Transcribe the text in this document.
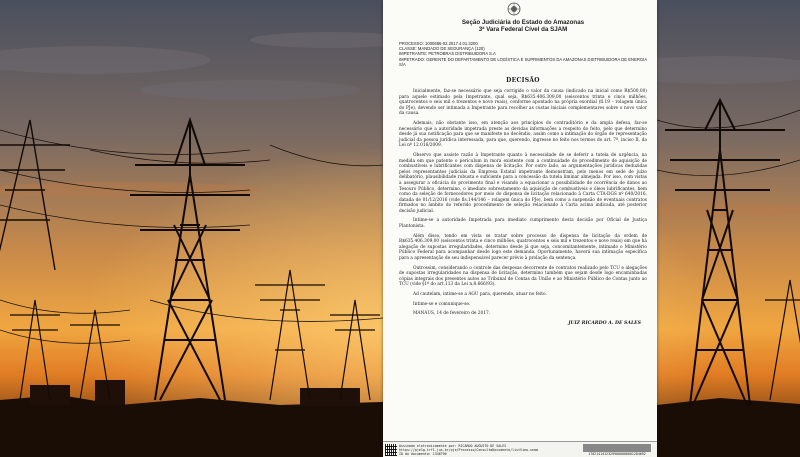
Seção Judiciária do Estado do Amazonas
3ª Vara Federal Cível da SJAM
PROCESSO: 1000686-02.2017.4.01.3200
CLASSE: MANDADO DE SEGURANÇA (120)
IMPETRANTE: PETROBRAS DISTRIBUIDORA S.A
IMPETRADO: GERENTE DO DEPARTAMENTO DE LOGÍSTICA E SUPRIMENTOS DA AMAZONAS DISTRIBUIDORA DE ENERGIA S/A
DECISÃO

Inicialmente, faz-se necessário que seja corrigido o valor da causa (indicado na inicial como R$500,00) para aquele estimado pela Impetrante, qual seja, R$635.406.309,00 (seiscentos trinta e cinco milhões, quatrocentos e seis mil e trezentos e nove reais), conforme apontado na própria exordial (fl.19 – rolagem única do PJe), devendo ser intimada a Impetrante para recolher as custas iniciais complementares sobre o novo valor da causa.

Ademais, não obstante isso, em atenção aos princípios do contraditório e da ampla defesa, faz-se necessário que a autoridade impetrada preste as devidas informações a respeito do feito, pelo que determino desde já sua notificação para que se manifeste no decêndio, assim como a intimação do órgão de representação judicial da pessoa jurídica interessada, para que, querendo, ingresse no feito nos termos do art. 7º, inciso II, da Lei nº 12.016/2009.

Observo que assiste razão à Impetrante quanto à necessidade de se deferir a tutela de urgência, na medida em que patente o periculum in mora existente com a continuidade do procedimento de aquisição de combustíveis e lubrificantes com dispensa de licitação. Por outro lado, as argumentações jurídicas deduzidas pelos representantes judiciais da Empresa Estatal impetrante demonstram, pelo menos em sede de juízo delibatório, plausibilidade robusta e suficiente para a concessão da tutela liminar almejada. Por isso, com vistas a assegurar a eficácia do provimento final e visando a equacionar a possibilidade de ocorrência de danos ao Tesouro Público, determino, o imediato sobrestamento da aquisição de combustíveis e óleos lubrificantes, bem como da seleção de fornecedores por meio do dispensa de licitação relacionado à Carta CTA-DGS nº 640/2016, datada de 01/12/2016 (vide fls.144/146 – rolagem única do PJe), bem como a suspensão de eventuais contratos firmados no âmbito do referido procedimento de seleção relacionado à Carta acima indicada, até posterior decisão judicial.

Intime-se a autoridade Impetrada para imediato cumprimento desta decisão por Oficial de Justiça Plantonista.

Além disso, tendo em vista se tratar sobre processo de dispensa de licitação da ordem de R$635.406.309,00 (seiscentos trinta e cinco milhões, quatrocentos e seis mil e trezentos e nove reais) em que há alegação de supostas irregularidades, determino desde já que seja, concomitantemente, intimado o Ministério Público Federal para acompanhar desde logo este demanda. Oportunamente, haverá sua intimação específica para a apresentação de seu indispensável parecer prévio à prolação da sentença.

Outrossim, considerando o controle das despesas decorrente de contratos realizado pelo TCU e alegações de supostas irregularidades na dispensa de licitação, determino também que sejam desde logo encaminhadas cópias integrais dos presentes autos ao Tribunal de Contas da União e ao Ministério Público de Contas junto ao TCU (vide §1º do art.113 da Lei n.8.666/93).

Ad cautelam, intime-se a AGU para, querendo, atuar no feito.

Intime-se e comunique-se.

MANAUS, 14 de fevereiro de 2017.

JUIZ RICARDO A. DE SALES
Assinado eletronicamente por: RICARDO AUGUSTO DE SALES
https://pje1g.trf1.jus.br/pje/Processo/ConsultaDocumento/listView.seam
ID do documento: 1346790	17021414123299000000001284692
